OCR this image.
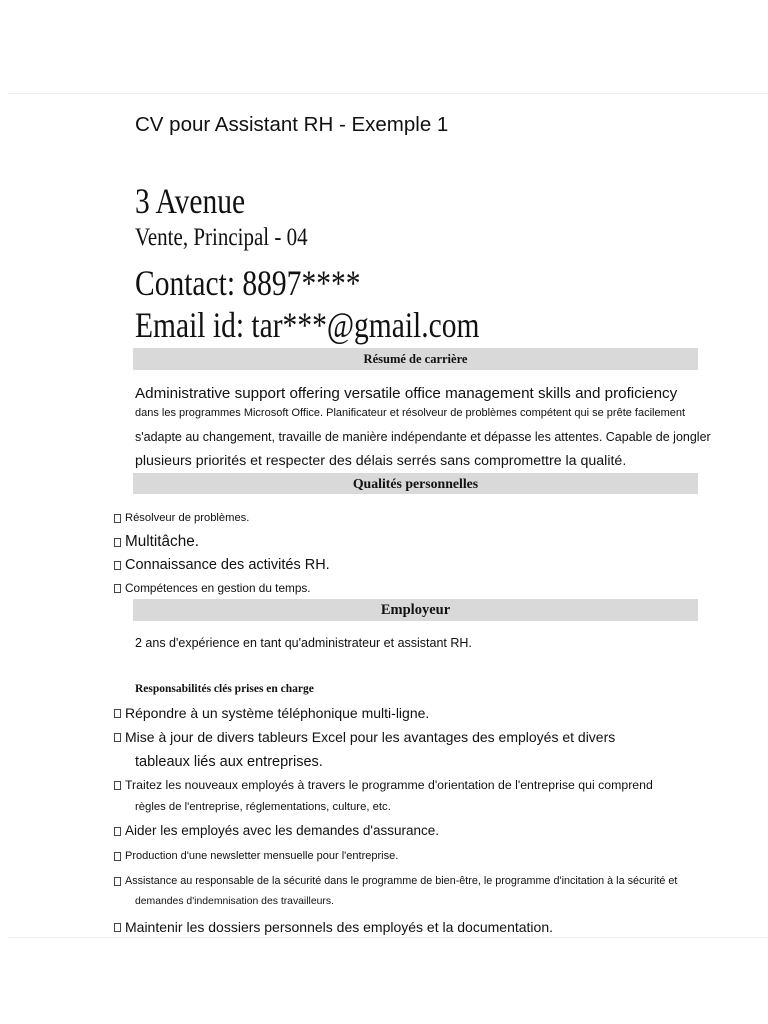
CV pour Assistant RH - Exemple 1
3 Avenue
Vente, Principal - 04
Contact: 8897****
Email id: tar***@gmail.com
Résumé de carrière
Administrative support offering versatile office management skills and proficiency
dans les programmes Microsoft Office. Planificateur et résolveur de problèmes compétent qui se prête facilement
s'adapte au changement, travaille de manière indépendante et dépasse les attentes. Capable de jongler
plusieurs priorités et respecter des délais serrés sans compromettre la qualité.
Qualités personnelles
Résolveur de problèmes.
Multitâche.
Connaissance des activités RH.
Compétences en gestion du temps.
Employeur
2 ans d'expérience en tant qu'administrateur et assistant RH.
Responsabilités clés prises en charge
Répondre à un système téléphonique multi-ligne.
Mise à jour de divers tableurs Excel pour les avantages des employés et divers
tableaux liés aux entreprises.
Traitez les nouveaux employés à travers le programme d'orientation de l'entreprise qui comprend
règles de l'entreprise, réglementations, culture, etc.
Aider les employés avec les demandes d'assurance.
Production d'une newsletter mensuelle pour l'entreprise.
Assistance au responsable de la sécurité dans le programme de bien-être, le programme d'incitation à la sécurité et
demandes d'indemnisation des travailleurs.
Maintenir les dossiers personnels des employés et la documentation.
